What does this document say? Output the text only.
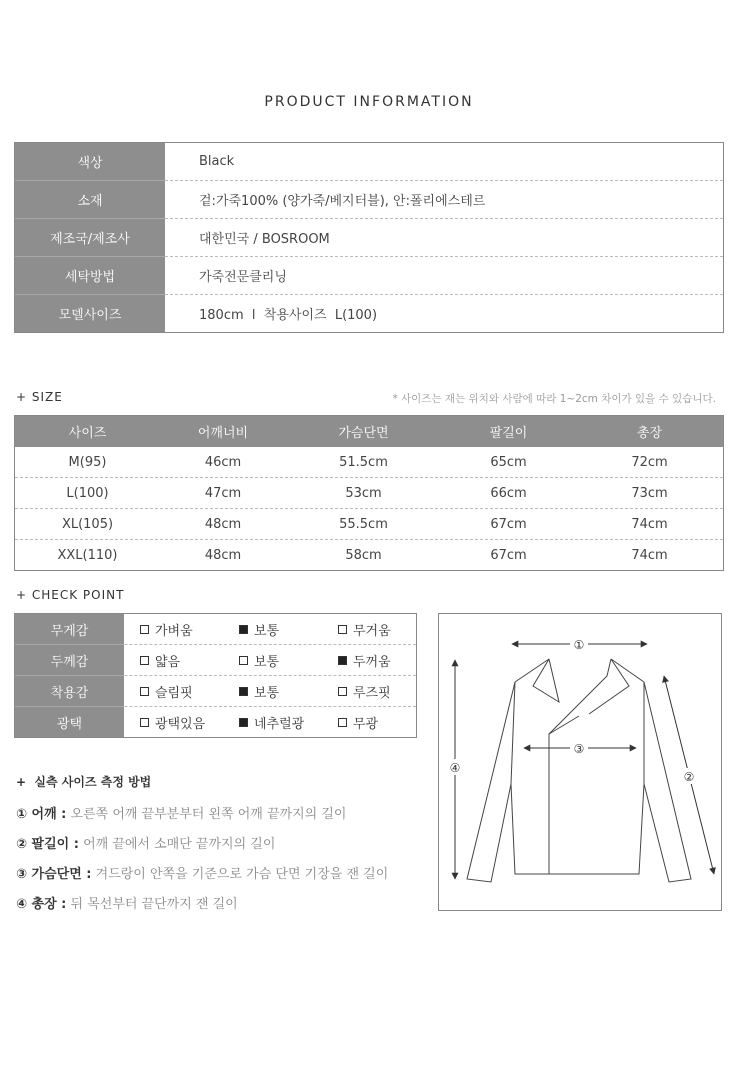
PRODUCT INFORMATION
색상	Black
소재	겉:가죽100% (양가죽/베지터블), 안:폴리에스테르
제조국/제조사	대한민국 / BOSROOM
세탁방법	가죽전문클리닝
모델사이즈	180cm  l  착용사이즈  L(100)
+ SIZE	* 사이즈는 재는 위치와 사람에 따라 1~2cm 차이가 있을 수 있습니다.
사이즈	어깨너비	가슴단면	팔길이	총장
M(95)	46cm	51.5cm	65cm	72cm
L(100)	47cm	53cm	66cm	73cm
XL(105)	48cm	55.5cm	67cm	74cm
XXL(110)	48cm	58cm	67cm	74cm
+ CHECK POINT
무게감	가벼움	보통	무거움
두께감	얇음	보통	두꺼움
착용감	슬림핏	보통	루즈핏
광택	광택있음	네추럴광	무광
①
③
④
②
+  실측 사이즈 측정 방법
① 어깨 : 오른쪽 어깨 끝부분부터 왼쪽 어깨 끝까지의 길이
② 팔길이 : 어깨 끝에서 소매단 끝까지의 길이
③ 가슴단면 : 겨드랑이 안쪽을 기준으로 가슴 단면 기장을 잰 길이
④ 총장 : 뒤 목선부터 끝단까지 잰 길이
